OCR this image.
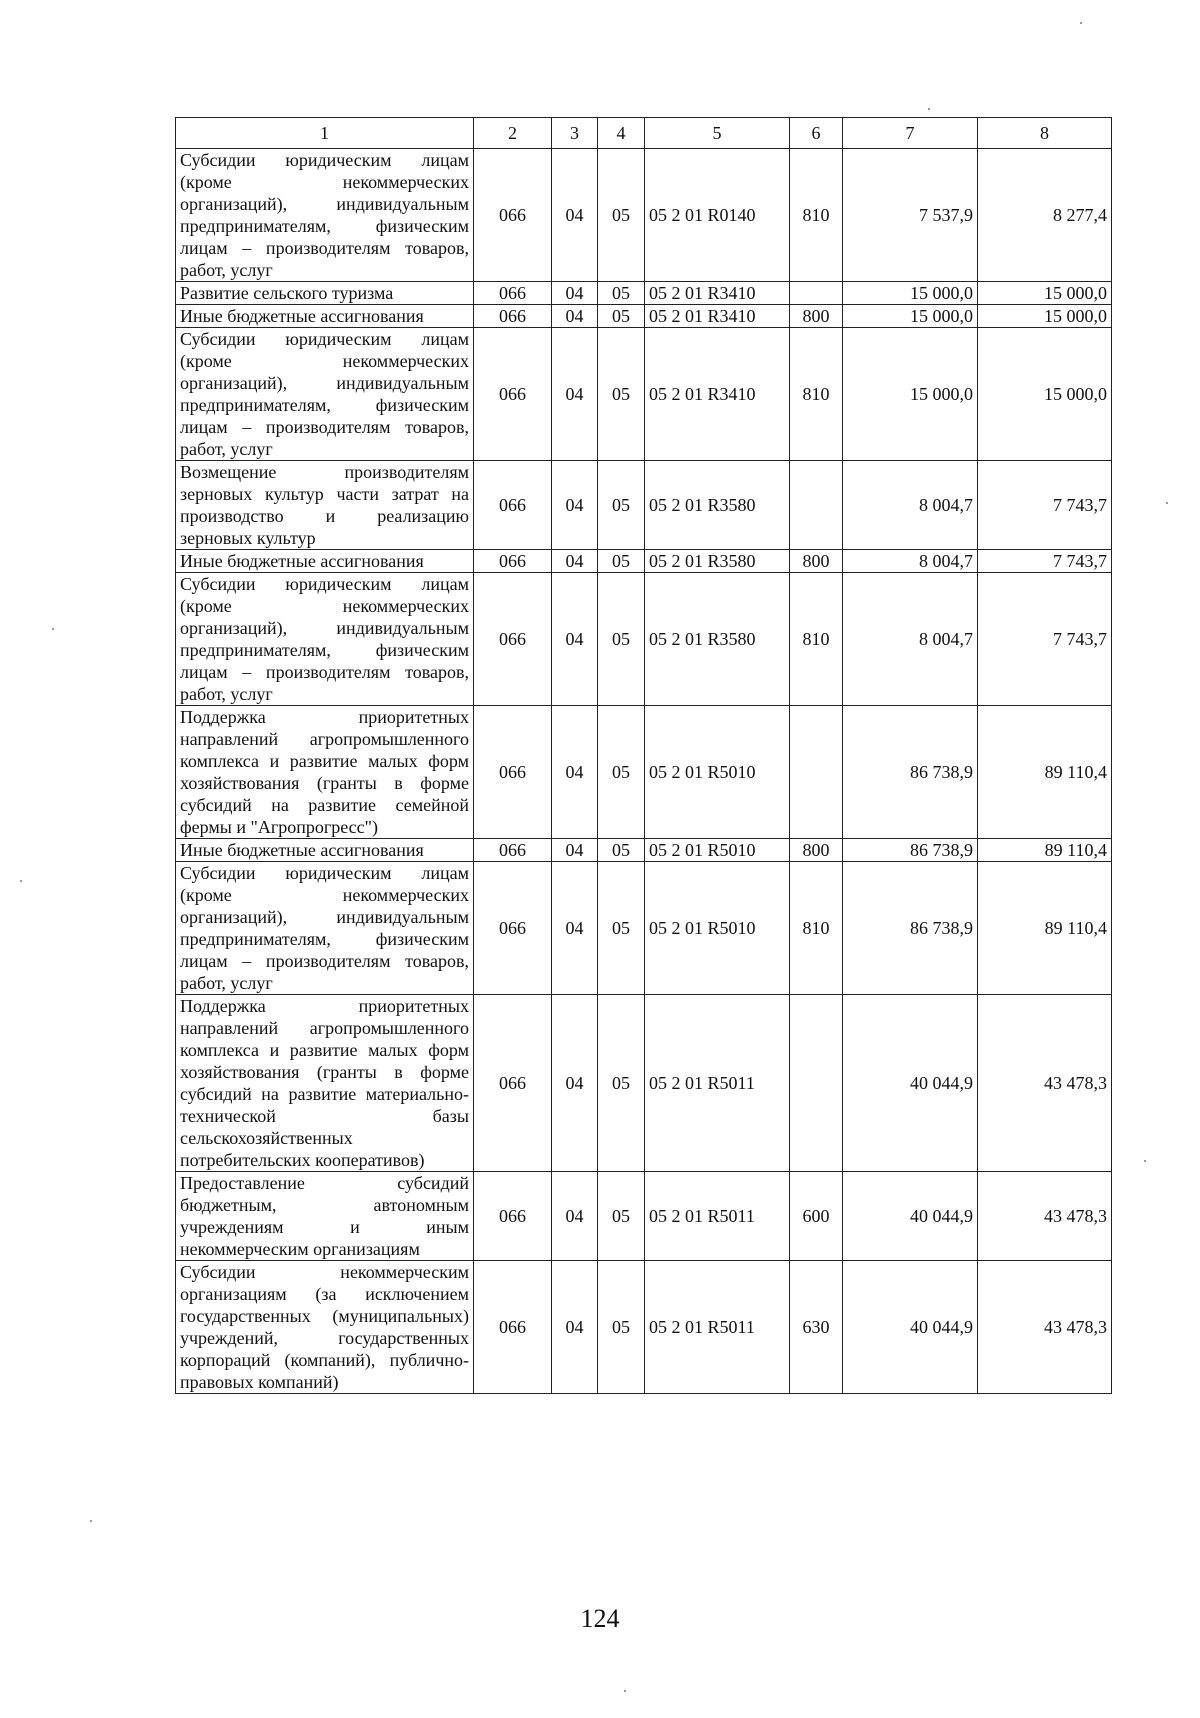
1	2	3	4	5	6	7	8
Субсидии юридическим лицам (кроме некоммерческих организаций), индивидуальным предпринимателям, физическим лицам – производителям товаров, работ, услуг	066	04	05	05 2 01 R0140	810	7 537,9	8 277,4
Развитие сельского туризма	066	04	05	05 2 01 R3410		15 000,0	15 000,0
Иные бюджетные ассигнования	066	04	05	05 2 01 R3410	800	15 000,0	15 000,0
Субсидии юридическим лицам (кроме некоммерческих организаций), индивидуальным предпринимателям, физическим лицам – производителям товаров, работ, услуг	066	04	05	05 2 01 R3410	810	15 000,0	15 000,0
Возмещение производителям зерновых культур части затрат на производство и реализацию зерновых культур	066	04	05	05 2 01 R3580		8 004,7	7 743,7
Иные бюджетные ассигнования	066	04	05	05 2 01 R3580	800	8 004,7	7 743,7
Субсидии юридическим лицам (кроме некоммерческих организаций), индивидуальным предпринимателям, физическим лицам – производителям товаров, работ, услуг	066	04	05	05 2 01 R3580	810	8 004,7	7 743,7
Поддержка приоритетных направлений агропромышленного комплекса и развитие малых форм хозяйствования (гранты в форме субсидий на развитие семейной фермы и "Агропрогресс")	066	04	05	05 2 01 R5010		86 738,9	89 110,4
Иные бюджетные ассигнования	066	04	05	05 2 01 R5010	800	86 738,9	89 110,4
Субсидии юридическим лицам (кроме некоммерческих организаций), индивидуальным предпринимателям, физическим лицам – производителям товаров, работ, услуг	066	04	05	05 2 01 R5010	810	86 738,9	89 110,4
Поддержка приоритетных направлений агропромышленного комплекса и развитие малых форм хозяйствования (гранты в форме субсидий на развитие материально-технической базы сельскохозяйственных потребительских кооперативов)	066	04	05	05 2 01 R5011		40 044,9	43 478,3
Предоставление субсидий бюджетным, автономным учреждениям и иным некоммерческим организациям	066	04	05	05 2 01 R5011	600	40 044,9	43 478,3
Субсидии некоммерческим организациям (за исключением государственных (муниципальных) учреждений, государственных корпораций (компаний), публично-правовых компаний)	066	04	05	05 2 01 R5011	630	40 044,9	43 478,3
124
